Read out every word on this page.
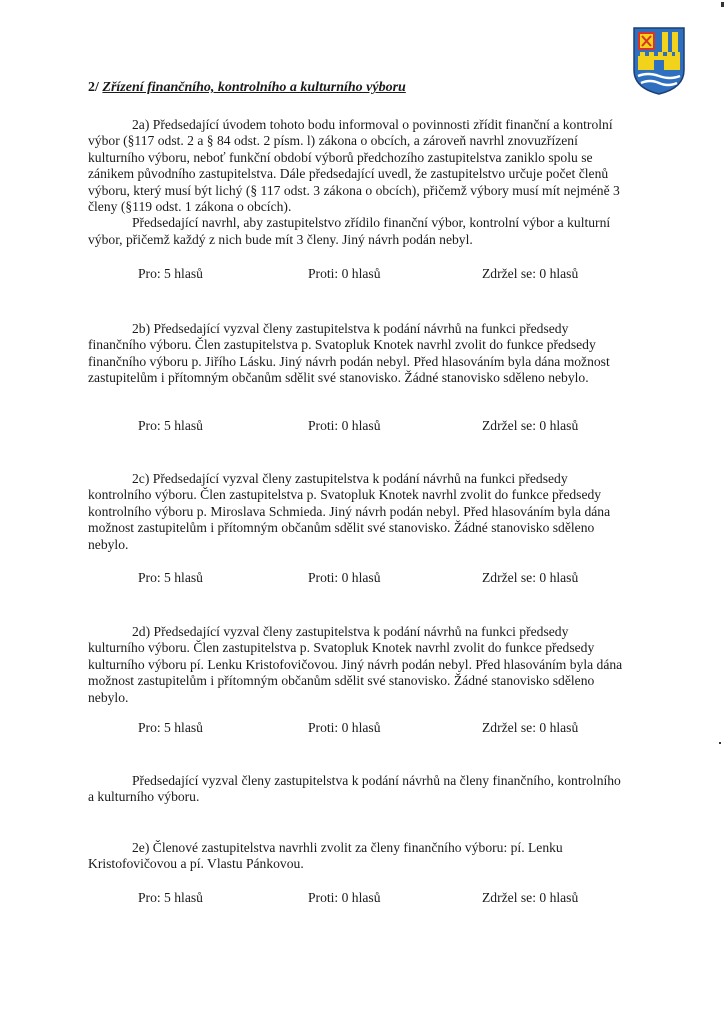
2/ Zřízení finančního, kontrolního a kulturního výboru

2a) Předsedající úvodem tohoto bodu informoval o povinnosti zřídit finanční a kontrolní výbor (§117 odst. 2 a § 84 odst. 2 písm. l) zákona o obcích, a zároveň navrhl znovuzřízení kulturního výboru, neboť funkční období výborů předchozího zastupitelstva zaniklo spolu se zánikem původního zastupitelstva. Dále předsedající uvedl, že zastupitelstvo určuje počet členů výboru, který musí být lichý (§ 117 odst. 3 zákona o obcích), přičemž výbory musí mít nejméně 3 členy (§119 odst. 1 zákona o obcích).

Předsedající navrhl, aby zastupitelstvo zřídilo finanční výbor, kontrolní výbor a kulturní výbor, přičemž každý z nich bude mít 3 členy. Jiný návrh podán nebyl.

Pro: 5 hlasů	Proti: 0 hlasů	Zdržel se: 0 hlasů

2b) Předsedající vyzval členy zastupitelstva k podání návrhů na funkci předsedy finančního výboru. Člen zastupitelstva p. Svatopluk Knotek navrhl zvolit do funkce předsedy finančního výboru p. Jiřího Lásku. Jiný návrh podán nebyl. Před hlasováním byla dána možnost zastupitelům i přítomným občanům sdělit své stanovisko. Žádné stanovisko sděleno nebylo.

Pro: 5 hlasů	Proti: 0 hlasů	Zdržel se: 0 hlasů

2c) Předsedající vyzval členy zastupitelstva k podání návrhů na funkci předsedy kontrolního výboru. Člen zastupitelstva p. Svatopluk Knotek navrhl zvolit do funkce předsedy kontrolního výboru p. Miroslava Schmieda. Jiný návrh podán nebyl. Před hlasováním byla dána možnost zastupitelům i přítomným občanům sdělit své stanovisko. Žádné stanovisko sděleno nebylo.

Pro: 5 hlasů	Proti: 0 hlasů	Zdržel se: 0 hlasů

2d) Předsedající vyzval členy zastupitelstva k podání návrhů na funkci předsedy kulturního výboru. Člen zastupitelstva p. Svatopluk Knotek navrhl zvolit do funkce předsedy kulturního výboru pí. Lenku Kristofovičovou. Jiný návrh podán nebyl. Před hlasováním byla dána možnost zastupitelům i přítomným občanům sdělit své stanovisko. Žádné stanovisko sděleno nebylo.

Pro: 5 hlasů	Proti: 0 hlasů	Zdržel se: 0 hlasů

Předsedající vyzval členy zastupitelstva k podání návrhů na členy finančního, kontrolního a kulturního výboru.

2e) Členové zastupitelstva navrhli zvolit za členy finančního výboru: pí. Lenku Kristofovičovou a pí. Vlastu Pánkovou.

Pro: 5 hlasů	Proti: 0 hlasů	Zdržel se: 0 hlasů
